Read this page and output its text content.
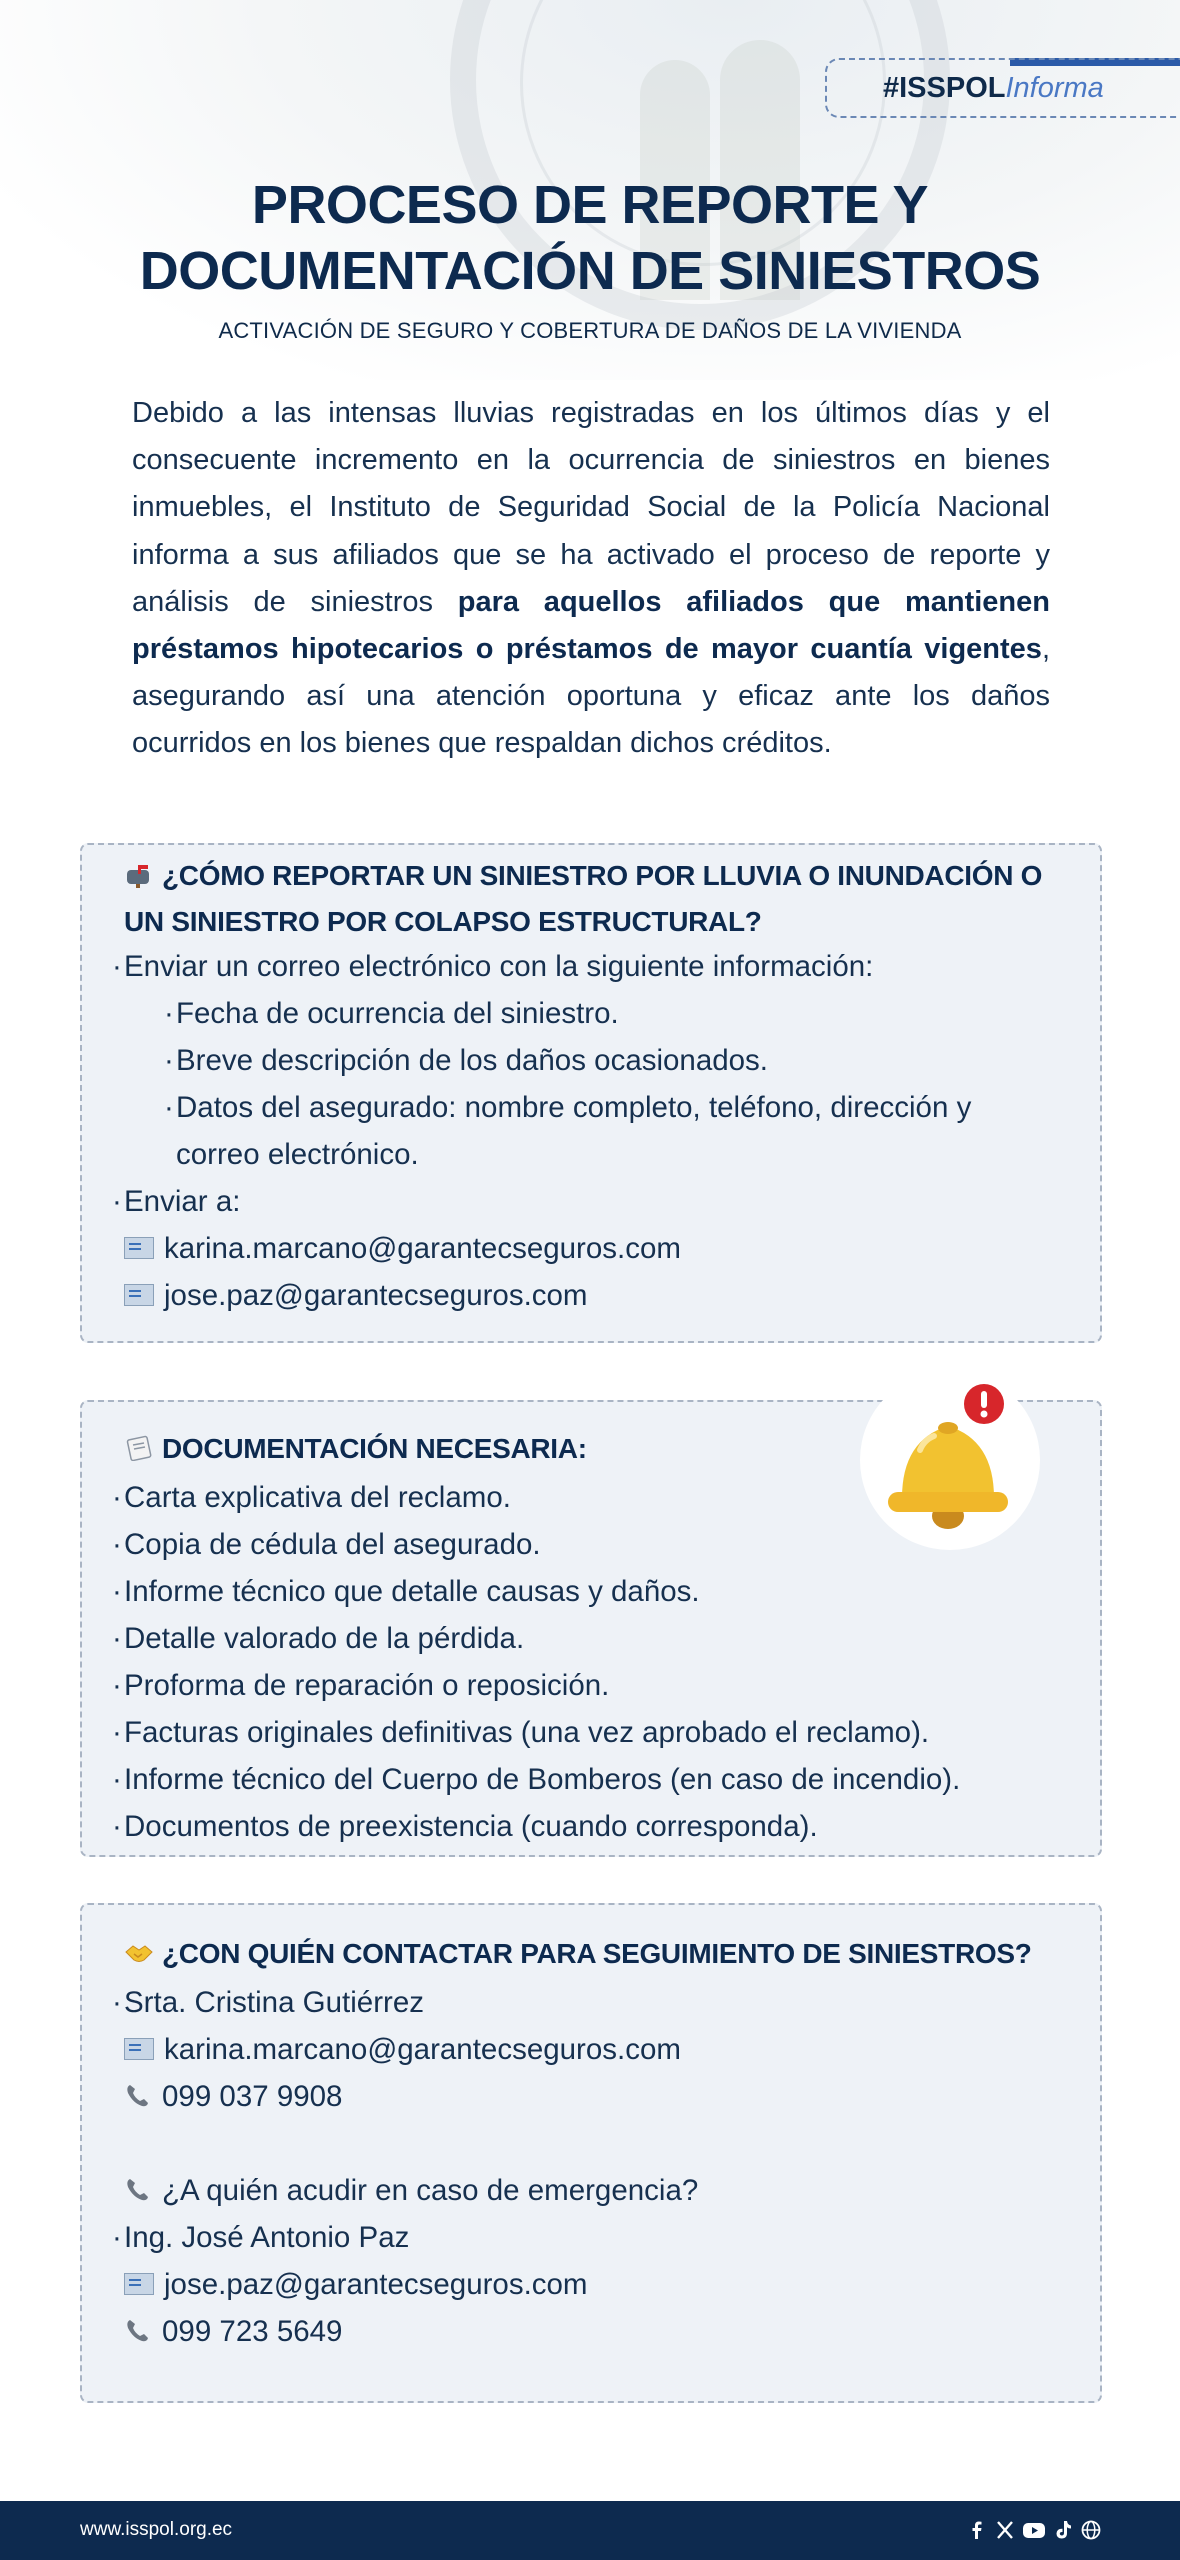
#ISSPOL Informa
PROCESO DE REPORTE Y
DOCUMENTACIÓN DE SINIESTROS
ACTIVACIÓN DE SEGURO Y COBERTURA DE DAÑOS DE LA VIVIENDA
Debido a las intensas lluvias registradas en los últimos días y el consecuente incremento en la ocurrencia de siniestros en bienes inmuebles, el Instituto de Seguridad Social de la Policía Nacional informa a sus afiliados que se ha activado el proceso de reporte y análisis de siniestros para aquellos afiliados que mantienen préstamos hipotecarios o préstamos de mayor cuantía vigentes, asegurando así una atención oportuna y eficaz ante los daños ocurridos en los bienes que respaldan dichos créditos.
¿CÓMO REPORTAR UN SINIESTRO POR LLUVIA O INUNDACIÓN O
UN SINIESTRO POR COLAPSO ESTRUCTURAL?
· Enviar un correo electrónico con la siguiente información:
· Fecha de ocurrencia del siniestro.
· Breve descripción de los daños ocasionados.
· Datos del asegurado: nombre completo, teléfono, dirección y
correo electrónico.
· Enviar a:
karina.marcano@garantecseguros.com
jose.paz@garantecseguros.com
DOCUMENTACIÓN NECESARIA:
· Carta explicativa del reclamo.
· Copia de cédula del asegurado.
· Informe técnico que detalle causas y daños.
· Detalle valorado de la pérdida.
· Proforma de reparación o reposición.
· Facturas originales definitivas (una vez aprobado el reclamo).
· Informe técnico del Cuerpo de Bomberos (en caso de incendio).
· Documentos de preexistencia (cuando corresponda).
¿CON QUIÉN CONTACTAR PARA SEGUIMIENTO DE SINIESTROS?
· Srta. Cristina Gutiérrez
karina.marcano@garantecseguros.com
099 037 9908
¿A quién acudir en caso de emergencia?
· Ing. José Antonio Paz
jose.paz@garantecseguros.com
099 723 5649
www.isspol.org.ec
